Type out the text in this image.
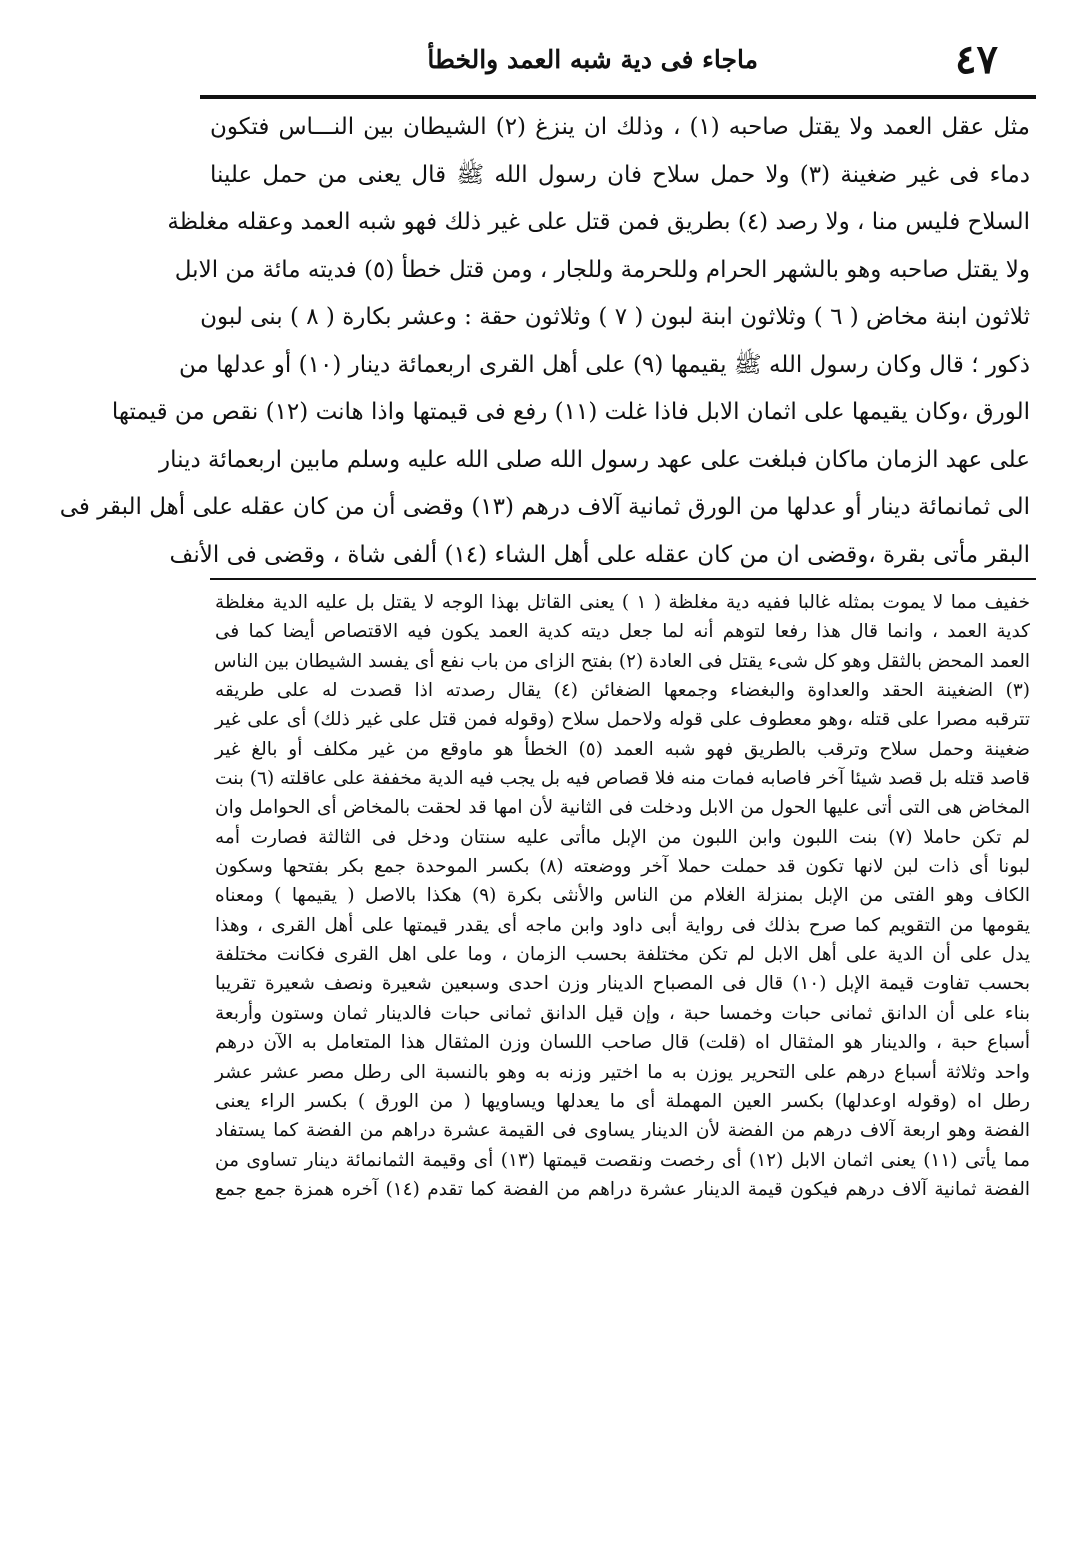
٤٧
ماجاء فى دية شبه العمد والخطأ
مثل عقل العمد ولا يقتل صاحبه (١) ، وذلك ان ينزغ (٢) الشيطان بين النـــاس فتكون
دماء فى غير ضغينة (٣) ولا حمل سلاح فان رسول الله ﷺ قال يعنى من حمل علينا
السلاح فليس منا ، ولا رصد (٤) بطريق فمن قتل على غير ذلك فهو شبه العمد وعقله مغلظة
ولا يقتل صاحبه وهو بالشهر الحرام وللحرمة وللجار ، ومن قتل خطأ (٥) فديته مائة من الابل
ثلاثون ابنة مخاض ( ٦ ) وثلاثون ابنة لبون ( ٧ ) وثلاثون حقة : وعشر بكارة ( ٨ ) بنى لبون
ذكور ؛ قال وكان رسول الله ﷺ يقيمها (٩) على أهل القرى اربعمائة دينار (١٠) أو عدلها من
الورق ،وكان يقيمها على اثمان الابل فاذا غلت (١١) رفع فى قيمتها واذا هانت (١٢) نقص من قيمتها
على عهد الزمان ماكان فبلغت على عهد رسول الله صلى الله عليه وسلم مابين اربعمائة دينار
الى ثمانمائة دينار أو عدلها من الورق ثمانية آلاف درهم (١٣) وقضى أن من كان عقله على أهل البقر فى
البقر مأتى بقرة ،وقضى ان من كان عقله على أهل الشاء (١٤) ألفى شاة ، وقضى فى الأنف
خفيف مما لا يموت بمثله غالبا ففيه دية مغلظة ( ١ ) يعنى القاتل بهذا الوجه لا يقتل بل عليه الدية مغلظة
كدية العمد ، وانما قال هذا رفعا لتوهم أنه لما جعل ديته كدية العمد يكون فيه الاقتصاص أيضا كما فى
العمد المحض بالثقل وهو كل شىء يقتل فى العادة (٢) بفتح الزاى من باب نفع أى يفسد الشيطان بين الناس
(٣) الضغينة الحقد والعداوة والبغضاء وجمعها الضغائن (٤) يقال رصدته اذا قصدت له على طريقه
تترقبه مصرا على قتله ،وهو معطوف على قوله ولاحمل سلاح (وقوله فمن قتل على غير ذلك) أى على غير
ضغينة وحمل سلاح وترقب بالطريق فهو شبه العمد (٥) الخطأ هو ماوقع من غير مكلف أو بالغ غير
قاصد قتله بل قصد شيئا آخر فاصابه فمات منه فلا قصاص فيه بل يجب فيه الدية مخففة على عاقلته (٦) بنت
المخاض هى التى أتى عليها الحول من الابل ودخلت فى الثانية لأن امها قد لحقت بالمخاض أى الحوامل وان
لم تكن حاملا (٧) بنت اللبون وابن اللبون من الإبل ماأتى عليه سنتان ودخل فى الثالثة فصارت أمه
لبونا أى ذات لبن لانها تكون قد حملت حملا آخر ووضعته (٨) بكسر الموحدة جمع بكر بفتحها وسكون
الكاف وهو الفتى من الإبل بمنزلة الغلام من الناس والأنثى بكرة (٩) هكذا بالاصل ( يقيمها ) ومعناه
يقومها من التقويم كما صرح بذلك فى رواية أبى داود وابن ماجه أى يقدر قيمتها على أهل القرى ، وهذا
يدل على أن الدية على أهل الابل لم تكن مختلفة بحسب الزمان ، وما على اهل القرى فكانت مختلفة
بحسب تفاوت قيمة الإبل (١٠) قال فى المصباح الدينار وزن احدى وسبعين شعيرة ونصف شعيرة تقريبا
بناء على أن الدانق ثمانى حبات وخمسا حبة ، وإن قيل الدانق ثمانى حبات فالدينار ثمان وستون وأربعة
أسباع حبة ، والدينار هو المثقال اه (قلت) قال صاحب اللسان وزن المثقال هذا المتعامل به الآن درهم
واحد وثلاثة أسباع درهم على التحرير يوزن به ما اختير وزنه به وهو بالنسبة الى رطل مصر عشر عشر
رطل اه (وقوله اوعدلها) بكسر العين المهملة أى ما يعدلها ويساويها ( من الورق ) بكسر الراء يعنى
الفضة وهو اربعة آلاف درهم من الفضة لأن الدينار يساوى فى القيمة عشرة دراهم من الفضة كما يستفاد
مما يأتى (١١) يعنى اثمان الابل (١٢) أى رخصت ونقصت قيمتها (١٣) أى وقيمة الثمانمائة دينار تساوى من
الفضة ثمانية آلاف درهم فيكون قيمة الدينار عشرة دراهم من الفضة كما تقدم (١٤) آخره همزة جمع جمع
